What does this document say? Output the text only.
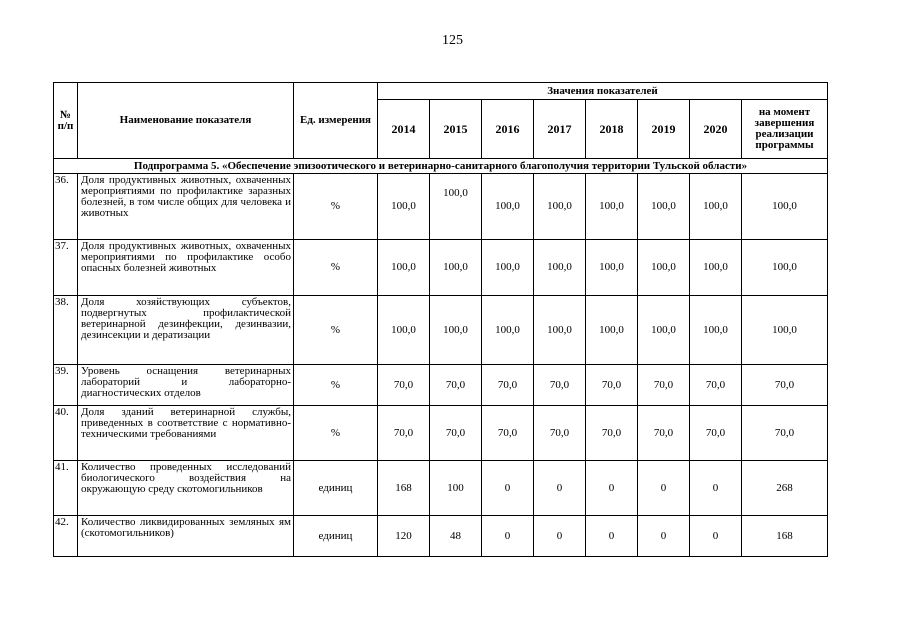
125
№ п/п	Наименование показателя	Ед. измерения	Значения показателей							
			2014	2015	2016	2017	2018	2019	2020	на момент завершения реализации программы
Подпрограмма 5. «Обеспечение эпизоотического и ветеринарно-санитарного благополучия территории Тульской области»										
36.	Доля продуктивных животных, охваченных мероприятиями по профилактике заразных болезней, в том числе общих для человека и животных	%	100,0	100,0	100,0	100,0	100,0	100,0	100,0	100,0
37.	Доля продуктивных животных, охваченных мероприятиями по профилактике особо опасных болезней животных	%	100,0	100,0	100,0	100,0	100,0	100,0	100,0	100,0
38.	Доля хозяйствующих субъектов, подвергнутых профилактической ветеринарной дезинфекции, дезинвазии, дезинсекции и дератизации	%	100,0	100,0	100,0	100,0	100,0	100,0	100,0	100,0
39.	Уровень оснащения ветеринарных лабораторий и лабораторно-диагностических отделов	%	70,0	70,0	70,0	70,0	70,0	70,0	70,0	70,0
40.	Доля зданий ветеринарной службы, приведенных в соответствие с нормативно-техническими требованиями	%	70,0	70,0	70,0	70,0	70,0	70,0	70,0	70,0
41.	Количество проведенных исследований биологического воздействия на окружающую среду скотомогильников	единиц	168	100	0	0	0	0	0	268
42.	Количество ликвидированных земляных ям (скотомогильников)	единиц	120	48	0	0	0	0	0	168
